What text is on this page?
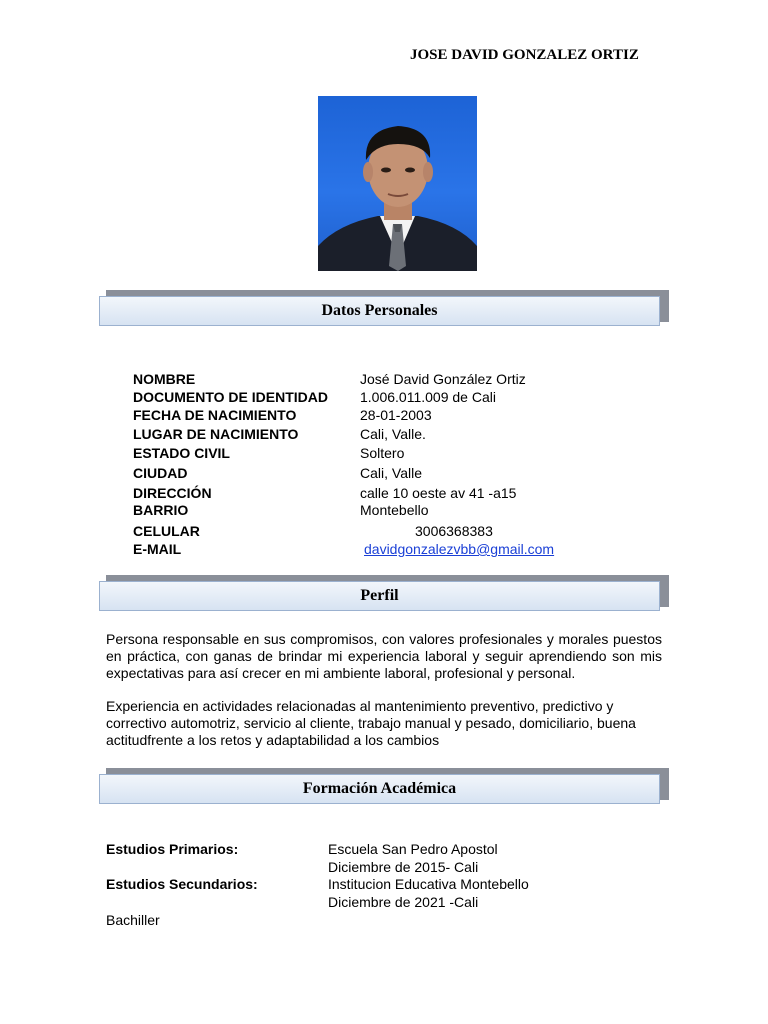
JOSE DAVID GONZALEZ ORTIZ
Datos Personales
NOMBRE	José David González Ortiz
DOCUMENTO DE IDENTIDAD 1.006.011.009 de Cali
FECHA DE NACIMIENTO	28-01-2003
LUGAR DE NACIMIENTO	Cali, Valle.
ESTADO CIVIL	Soltero
CIUDAD	Cali, Valle
DIRECCIÓN	calle 10 oeste av 41 -a15
BARRIO	Montebello
CELULAR	3006368383
E-MAIL	davidgonzalezvbb@gmail.com
Perfil
Persona responsable en sus compromisos, con valores profesionales y morales puestos en práctica, con ganas de brindar mi experiencia laboral y seguir aprendiendo son mis expectativas para así crecer en mi ambiente laboral, profesional y personal.
Experiencia en actividades relacionadas al mantenimiento preventivo, predictivo y correctivo automotriz, servicio al cliente, trabajo manual y pesado, domiciliario, buena actitudfrente a los retos y adaptabilidad a los cambios
Formación Académica
Estudios Primarios:	Escuela San Pedro Apostol
Diciembre de 2015- Cali
Estudios Secundarios:	Institucion Educativa Montebello
Diciembre de 2021 -Cali
Bachiller
